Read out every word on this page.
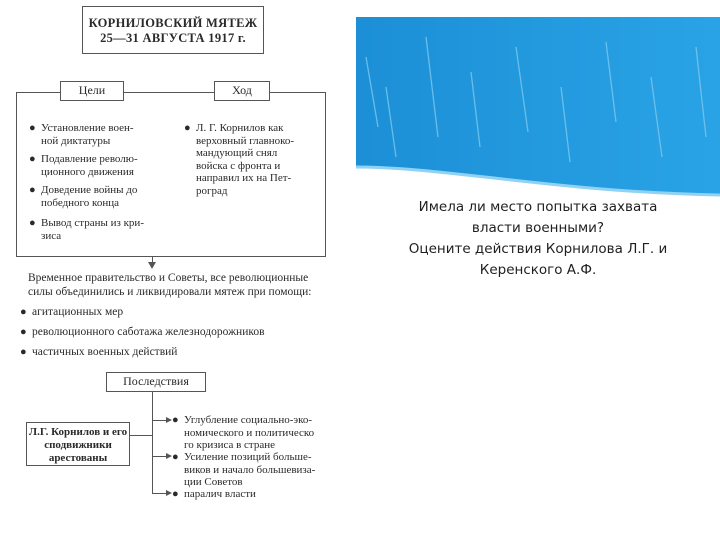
Имела ли место попытка захвата
власти военными?
Оцените действия Корнилова Л.Г. и
Керенского А.Ф.
КОРНИЛОВСКИЙ МЯТЕЖ
25—31 АВГУСТА 1917 г.
Цели	Ход
● Установление воен-
ной диктатуры
● Подавление револю-
ционного движения
● Доведение войны до
победного конца
● Вывод страны из кри-
зиса
● Л. Г. Корнилов как
верховный главноко-
мандующий снял
войска с фронта и
направил их на Пет-
роград
Временное правительство и Советы, все революционные
силы объединились и ликвидировали мятеж при помощи:
● агитационных мер
● революционного саботажа железнодорожников
● частичных военных действий
Последствия
Л.Г. Корнилов и его
сподвижники
арестованы
● Углубление социально-эко-
номического и политическо
го кризиса в стране
● Усиление позиций больше-
виков и начало большевиза-
ции Советов
● паралич власти
